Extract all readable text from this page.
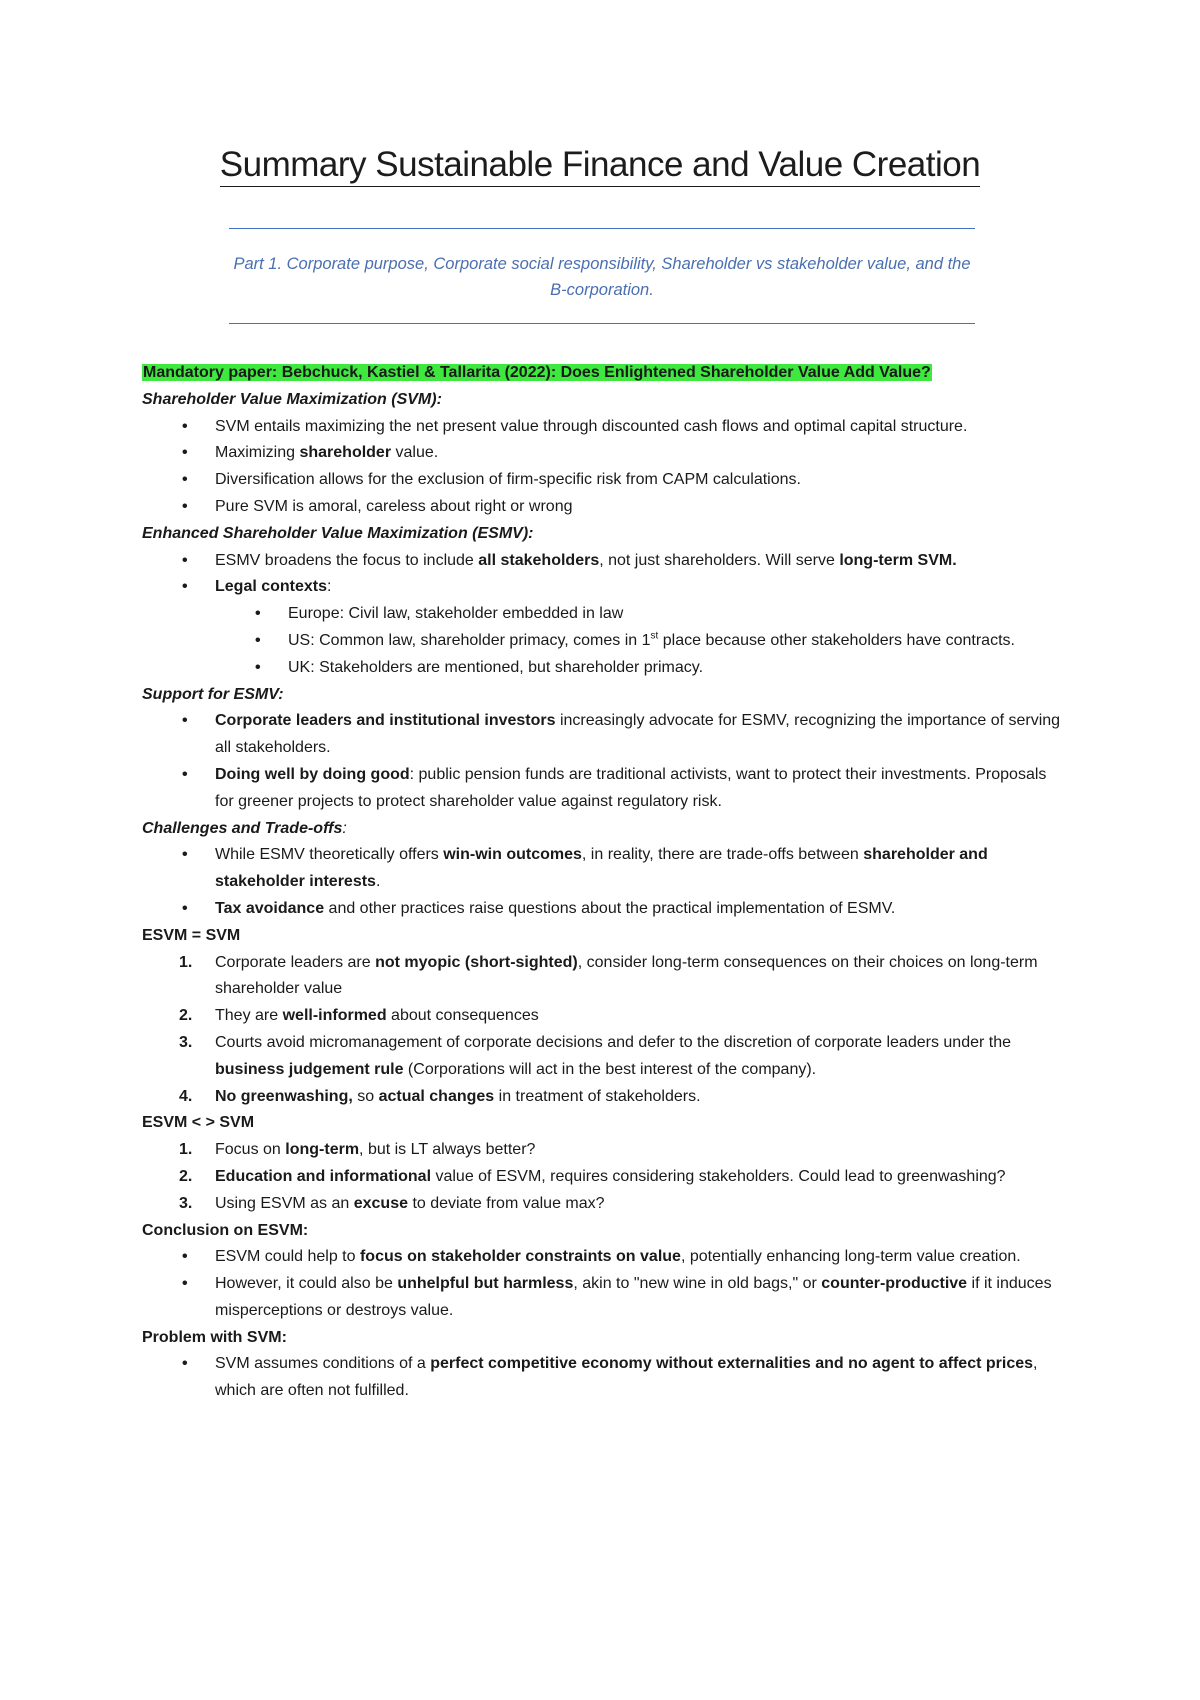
Summary Sustainable Finance and Value Creation
Part 1. Corporate purpose, Corporate social responsibility, Shareholder vs stakeholder value, and the B-corporation.
Mandatory paper: Bebchuck, Kastiel & Tallarita (2022): Does Enlightened Shareholder Value Add Value?
Shareholder Value Maximization (SVM):
• SVM entails maximizing the net present value through discounted cash flows and optimal capital structure.
• Maximizing shareholder value.
• Diversification allows for the exclusion of firm-specific risk from CAPM calculations.
• Pure SVM is amoral, careless about right or wrong
Enhanced Shareholder Value Maximization (ESMV):
• ESMV broadens the focus to include all stakeholders, not just shareholders. Will serve long-term SVM.
• Legal contexts:
• Europe: Civil law, stakeholder embedded in law
• US: Common law, shareholder primacy, comes in 1st place because other stakeholders have contracts.
• UK: Stakeholders are mentioned, but shareholder primacy.
Support for ESMV:
• Corporate leaders and institutional investors increasingly advocate for ESMV, recognizing the importance of serving all stakeholders.
• Doing well by doing good: public pension funds are traditional activists, want to protect their investments. Proposals for greener projects to protect shareholder value against regulatory risk.
Challenges and Trade-offs:
• While ESMV theoretically offers win-win outcomes, in reality, there are trade-offs between shareholder and stakeholder interests.
• Tax avoidance and other practices raise questions about the practical implementation of ESMV.
ESVM = SVM
1. Corporate leaders are not myopic (short-sighted), consider long-term consequences on their choices on long-term shareholder value
2. They are well-informed about consequences
3. Courts avoid micromanagement of corporate decisions and defer to the discretion of corporate leaders under the business judgement rule (Corporations will act in the best interest of the company).
4. No greenwashing, so actual changes in treatment of stakeholders.
ESVM < > SVM
1. Focus on long-term, but is LT always better?
2. Education and informational value of ESVM, requires considering stakeholders. Could lead to greenwashing?
3. Using ESVM as an excuse to deviate from value max?
Conclusion on ESVM:
• ESVM could help to focus on stakeholder constraints on value, potentially enhancing long-term value creation.
• However, it could also be unhelpful but harmless, akin to "new wine in old bags," or counter-productive if it induces misperceptions or destroys value.
Problem with SVM:
• SVM assumes conditions of a perfect competitive economy without externalities and no agent to affect prices, which are often not fulfilled.
